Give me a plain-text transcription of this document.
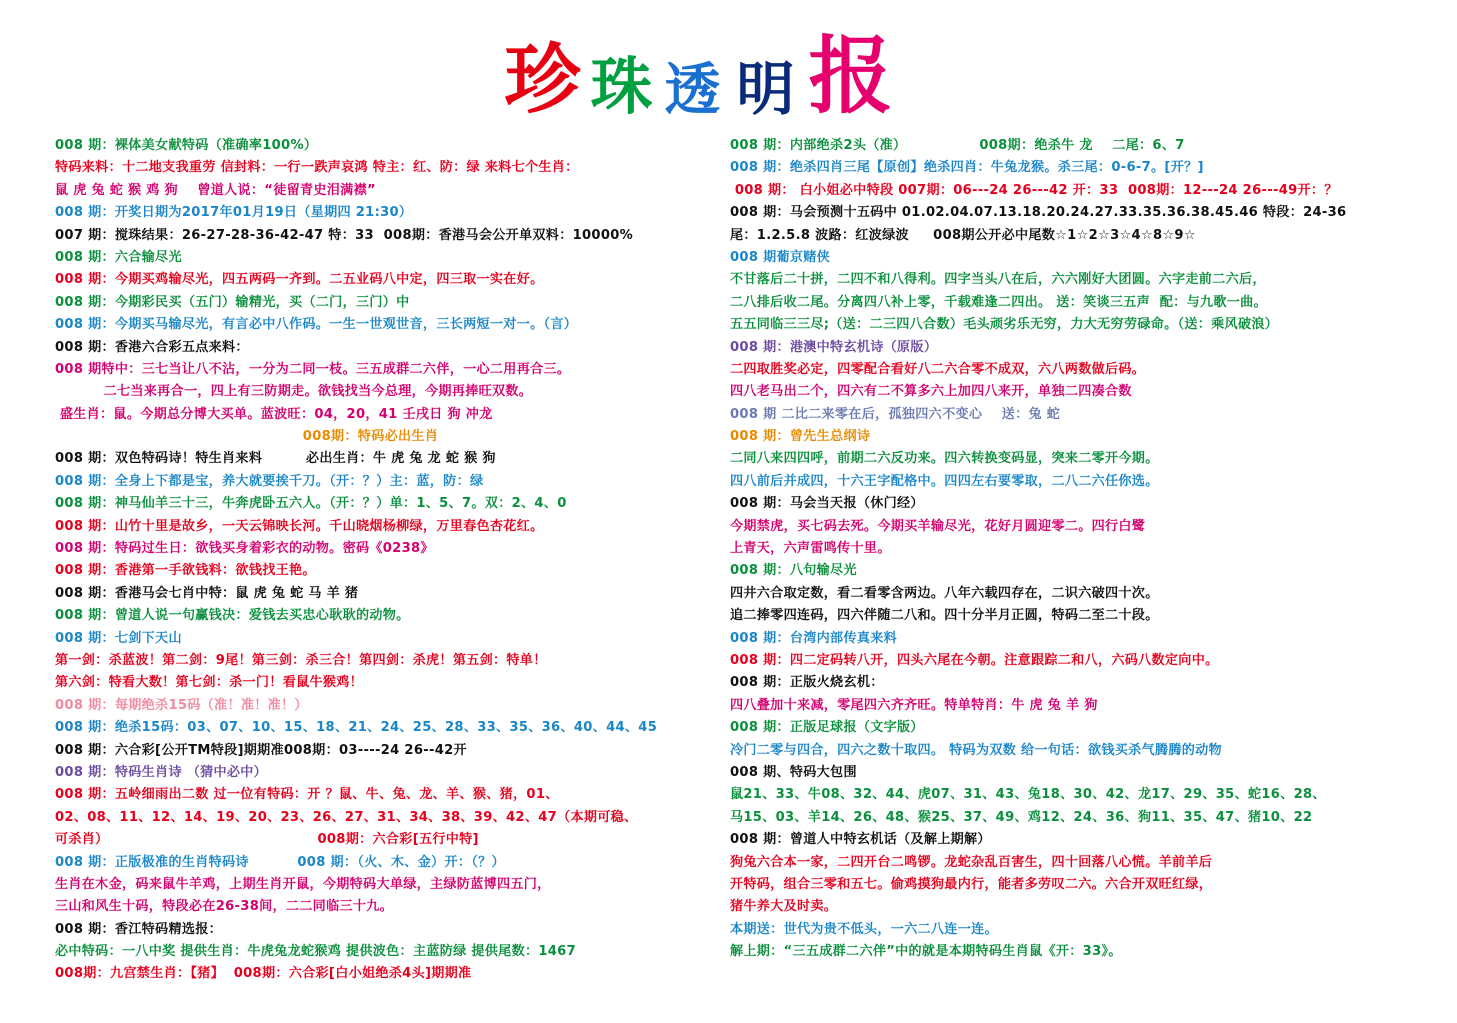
珍 珠 透 明 报
008 期：裸体美女献特码（准确率100%）
特码来料：十二地支我重劳 信封料：一行一跌声哀鸿 特主：红、防：绿 来料七个生肖：
鼠 虎 兔 蛇 猴 鸡 狗    曾道人说：“徒留青史泪满襟”
008 期：开奖日期为2017年01月19日（星期四 21:30）
007 期：搅珠结果：26-27-28-36-42-47 特：33  008期：香港马会公开单双料：10000%
008 期：六合输尽光
008 期：今期买鸡输尽光，四五两码一齐到。二五业码八中定，四三取一实在好。
008 期：今期彩民买（五门）输精光，买（二门，三门）中
008 期：今期买马输尽光，有言必中八作码。一生一世观世音，三长两短一对一。（言）
008 期：香港六合彩五点来料：
008 期特中：三七当让八不沾，一分为二同一枝。三五成群二六伴，一心二用再合三。
二七当来再合一，四上有三防期走。欲钱找当今总理，今期再捧旺双数。
盛生肖：鼠。今期总分博大买单。蓝波旺：04，20，41 壬戌日 狗 冲龙
008期：特码必出生肖
008 期：双色特码诗！特生肖来料         必出生肖：牛 虎 兔 龙 蛇 猴 狗
008 期：全身上下都是宝，养大就要挨千刀。（开：？）主：蓝，防：绿
008 期：神马仙羊三十三，牛奔虎卧五六人。（开：？）单：1、5、7。双：2、4、0
008 期：山竹十里是故乡，一天云锦映长河。千山晓烟杨柳绿，万里春色杏花红。
008 期：特码过生日：欲钱买身着彩衣的动物。密码《0238》
008 期：香港第一手欲钱料：欲钱找王艳。
008 期：香港马会七肖中特：鼠 虎 兔 蛇 马 羊 猪
008 期：曾道人说一句赢钱决：爱钱去买忠心耿耿的动物。
008 期：七剑下天山
第一剑：杀蓝波！第二剑：9尾！第三剑：杀三合！第四剑：杀虎！第五剑：特单！
第六剑：特看大数！第七剑：杀一门！看鼠牛猴鸡！
008 期：每期绝杀15码（准！准！准！）
008 期：绝杀15码：03、07、10、15、18、21、24、25、28、33、35、36、40、44、45
008 期：六合彩[公开TM特段]期期准008期：03----24 26--42开
008 期：特码生肖诗 （猜中必中）
008 期：五岭细雨出二数 过一位有特码：开 ？鼠、牛、兔、龙、羊、猴、猪，01、
02、08、11、12、14、19、20、23、26、27、31、34、38、39、42、47（本期可稳、
可杀肖）                                           008期：六合彩[五行中特]
008 期：正版极准的生肖特码诗          008 期：（火、木、金）开：（？）
生肖在木金，码来鼠牛羊鸡，上期生肖开鼠，今期特码大单绿，主绿防蓝博四五门，
三山和风生十码，特段必在26-38间，二二同临三十九。
008 期：香江特码精选报：
必中特码：一八中奖 提供生肖：牛虎兔龙蛇猴鸡 提供波色：主蓝防绿 提供尾数：1467
008期：九宫禁生肖：【猪】  008期：六合彩[白小姐绝杀4头]期期准
008 期：内部绝杀2头（准）               008期：绝杀牛 龙    二尾：6、7
008 期：绝杀四肖三尾【原创】绝杀四肖：牛兔龙猴。杀三尾：0-6-7。[开？]
008 期： 白小姐必中特段 007期：06---24 26---42 开：33  008期：12---24 26---49开：？
008 期：马会预测十五码中 01.02.04.07.13.18.20.24.27.33.35.36.38.45.46 特段：24-36
尾：1.2.5.8 波路：红波绿波     008期公开必中尾数☆1☆2☆3☆4☆8☆9☆
008 期葡京赌侠
不甘落后二十拼，二四不和八得利。四字当头八在后，六六刚好大团圆。六字走前二六后，
二八排后收二尾。分离四八补上零，千载难逢二四出。 送：笑谈三五声  配：与九歌一曲。
五五同临三三尽;（送：二三四八合数）毛头顽劣乐无穷，力大无穷劳碌命。（送：乘风破浪）
008 期：港澳中特玄机诗（原版）
二四取胜奖必定，四零配合看好八二六合零不成双，六八两数做后码。
四八老马出二个，四六有二不算多六上加四八来开，单独二四凑合数
008 期 二比二来零在后，孤独四六不变心    送：兔 蛇
008 期：曾先生总纲诗
二同八来四四呼，前期二六反功来。四六转换变码显，突来二零开今期。
四八前后并成四，十六王字配格中。四四左右要零取，二八二六任你选。
008 期：马会当天报（休门经）
今期禁虎，买七码去死。今期买羊输尽光，花好月圆迎零二。四行白鹭
上青天，六声雷鸣传十里。
008 期：八句输尽光
四井六合取定数，看二看零含两边。八年六载四存在，二识六破四十次。
追二捧零四连码，四六伴随二八和。四十分半月正圆，特码二至二十段。
008 期：台湾内部传真来料
008 期：四二定码转八开，四头六尾在今朝。注意跟踪二和八，六码八数定向中。
008 期：正版火烧玄机：
四八叠加十来减，零尾四六齐齐旺。特单特肖：牛 虎 兔 羊 狗
008 期：正版足球报（文字版）
冷门二零与四合，四六之数十取四。 特码为双数 给一句话：欲钱买杀气腾腾的动物
008 期、特码大包围
鼠21、33、牛08、32、44、虎07、31、43、兔18、30、42、龙17、29、35、蛇16、28、
马15、03、羊14、26、48、猴25、37、49、鸡12、24、36、狗11、35、47、猪10、22
008 期：曾道人中特玄机话（及解上期解）
狗兔六合本一家，二四开台二鸣锣。龙蛇杂乱百害生，四十回落八心慌。羊前羊后
开特码，组合三零和五七。偷鸡摸狗最内行，能者多劳叹二六。六合开双旺红绿，
猪牛养大及时卖。
本期送：世代为贵不低头，一六二八连一连。
解上期：“三五成群二六伴”中的就是本期特码生肖鼠《开：33》。
